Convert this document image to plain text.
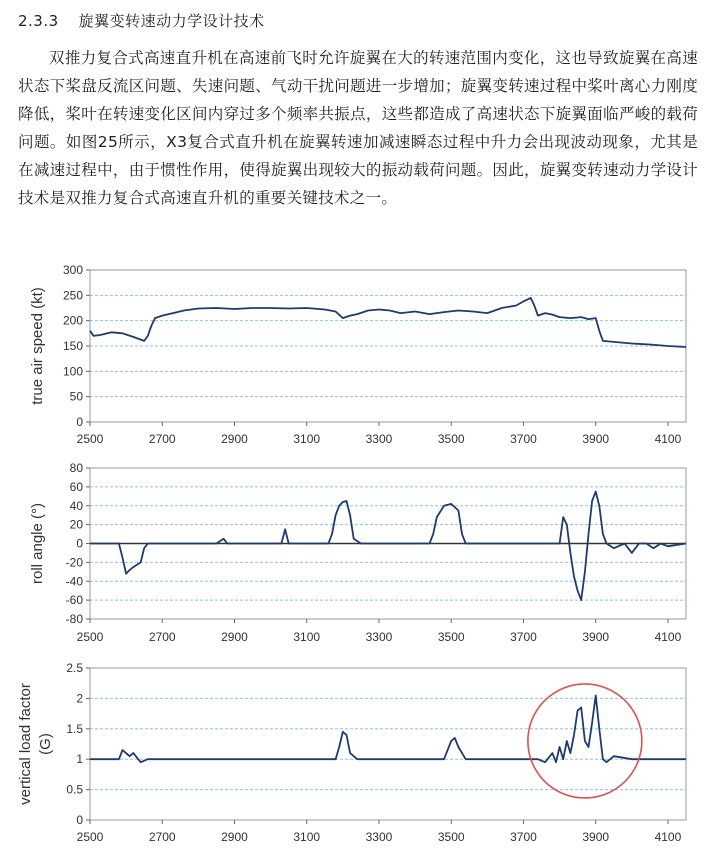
2.3.3 旋翼变转速动力学设计技术
双推力复合式高速直升机在高速前飞时允许旋翼在大的转速范围内变化，这也导致旋翼在高速状态下桨盘反流区问题、失速问题、气动干扰问题进一步增加；旋翼变转速过程中桨叶离心力刚度降低，桨叶在转速变化区间内穿过多个频率共振点，这些都造成了高速状态下旋翼面临严峻的载荷问题。如图25所示，X3复合式直升机在旋翼转速加减速瞬态过程中升力会出现波动现象，尤其是在减速过程中，由于惯性作用，使得旋翼出现较大的振动载荷问题。因此，旋翼变转速动力学设计技术是双推力复合式高速直升机的重要关键技术之一。
0
50
100
150
200
250
300
2500	2700	2900	3100	3300	3500	3700	3900	4100
true air speed (kt)
-80
-60
-40
-20
0
20
40
60
80
2500	2700	2900	3100	3300	3500	3700	3900	4100
roll angle (°)
0
0.5
1
1.5
2
2.5
2500	2700	2900	3100	3300	3500	3700	3900	4100
vertical load factor (G)
